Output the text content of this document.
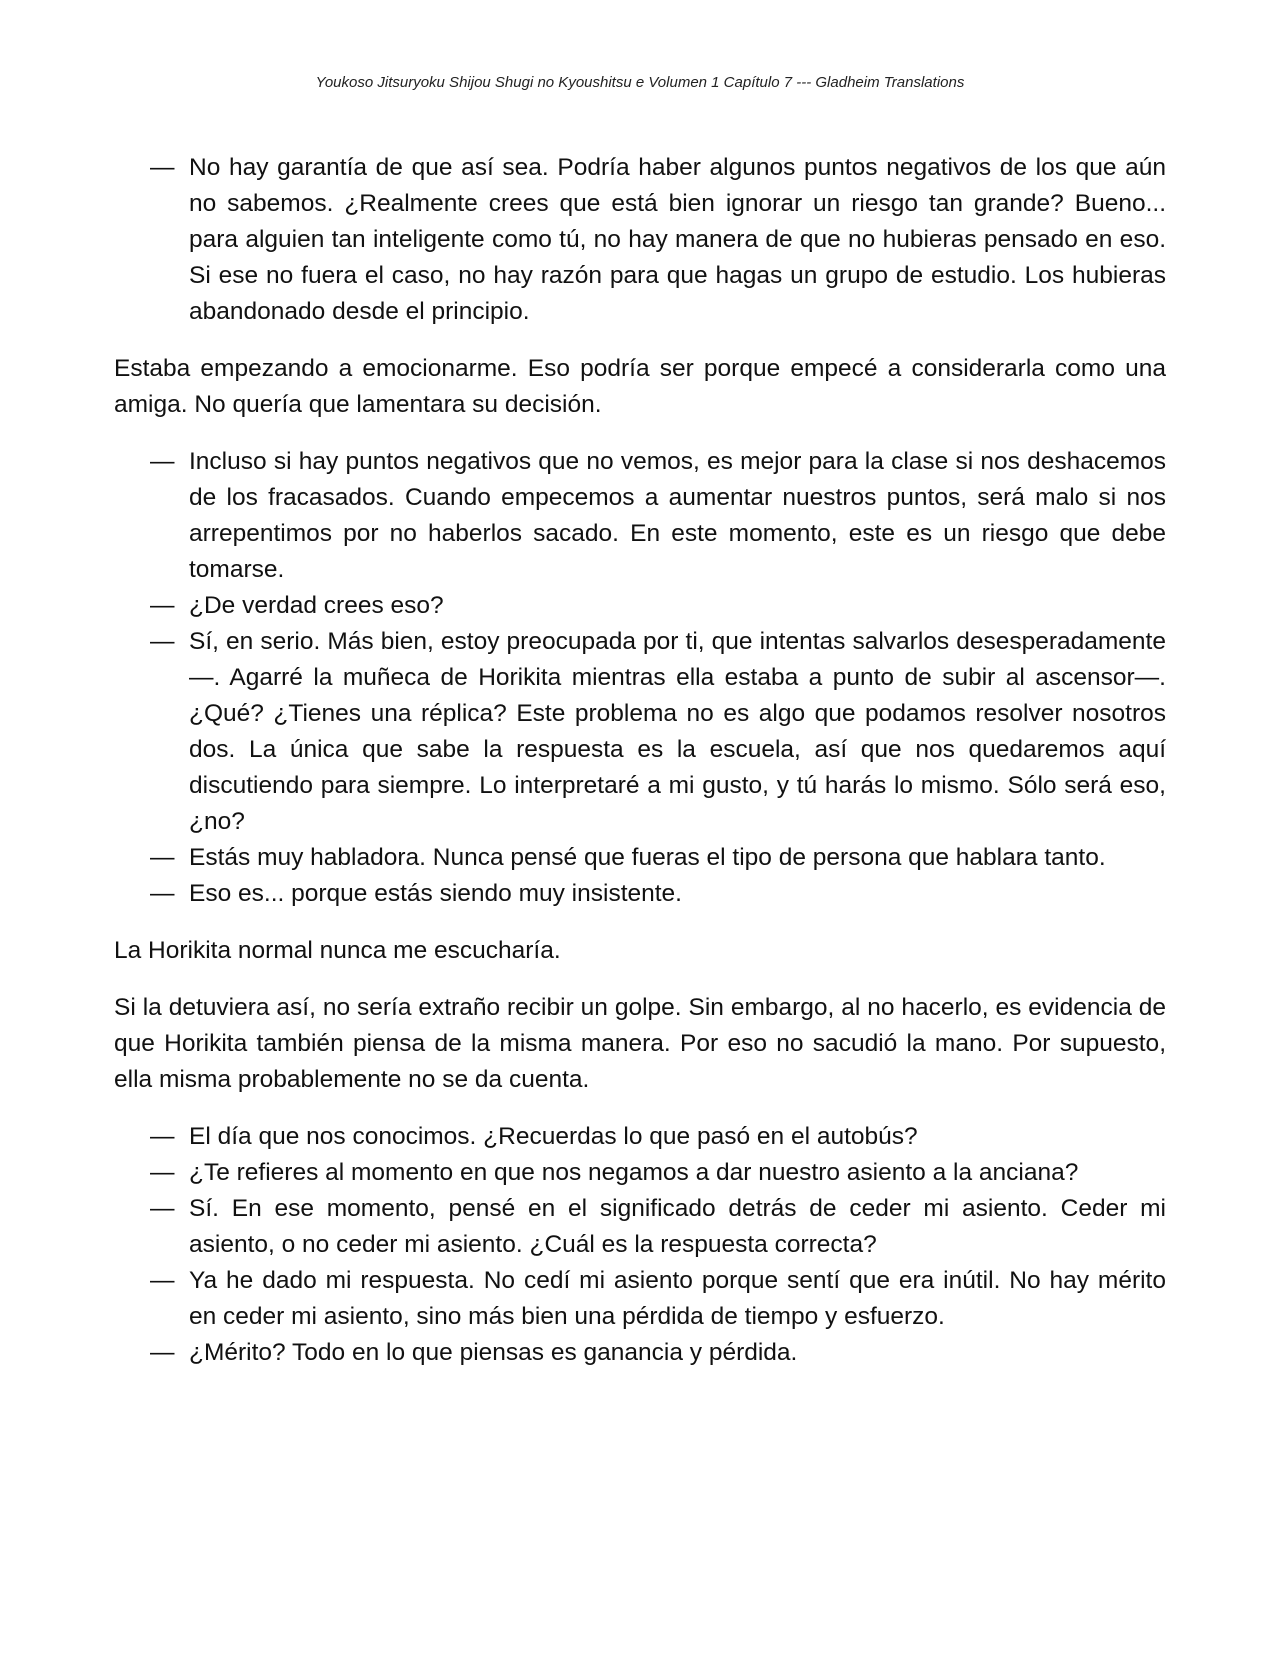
Youkoso Jitsuryoku Shijou Shugi no Kyoushitsu e Volumen 1 Capítulo 7 --- Gladheim Translations
— No hay garantía de que así sea. Podría haber algunos puntos negativos de los que aún no sabemos. ¿Realmente crees que está bien ignorar un riesgo tan grande? Bueno... para alguien tan inteligente como tú, no hay manera de que no hubieras pensado en eso. Si ese no fuera el caso, no hay razón para que hagas un grupo de estudio. Los hubieras abandonado desde el principio.

Estaba empezando a emocionarme. Eso podría ser porque empecé a considerarla como una amiga. No quería que lamentara su decisión.

— Incluso si hay puntos negativos que no vemos, es mejor para la clase si nos deshacemos de los fracasados. Cuando empecemos a aumentar nuestros puntos, será malo si nos arrepentimos por no haberlos sacado. En este momento, este es un riesgo que debe tomarse.
— ¿De verdad crees eso?
— Sí, en serio. Más bien, estoy preocupada por ti, que intentas salvarlos desesperadamente—. Agarré la muñeca de Horikita mientras ella estaba a punto de subir al ascensor—. ¿Qué? ¿Tienes una réplica? Este problema no es algo que podamos resolver nosotros dos. La única que sabe la respuesta es la escuela, así que nos quedaremos aquí discutiendo para siempre. Lo interpretaré a mi gusto, y tú harás lo mismo. Sólo será eso, ¿no?
— Estás muy habladora. Nunca pensé que fueras el tipo de persona que hablara tanto.
— Eso es... porque estás siendo muy insistente.

La Horikita normal nunca me escucharía.

Si la detuviera así, no sería extraño recibir un golpe. Sin embargo, al no hacerlo, es evidencia de que Horikita también piensa de la misma manera. Por eso no sacudió la mano. Por supuesto, ella misma probablemente no se da cuenta.

— El día que nos conocimos. ¿Recuerdas lo que pasó en el autobús?
— ¿Te refieres al momento en que nos negamos a dar nuestro asiento a la anciana?
— Sí. En ese momento, pensé en el significado detrás de ceder mi asiento. Ceder mi asiento, o no ceder mi asiento. ¿Cuál es la respuesta correcta?
— Ya he dado mi respuesta. No cedí mi asiento porque sentí que era inútil. No hay mérito en ceder mi asiento, sino más bien una pérdida de tiempo y esfuerzo.
— ¿Mérito? Todo en lo que piensas es ganancia y pérdida.
